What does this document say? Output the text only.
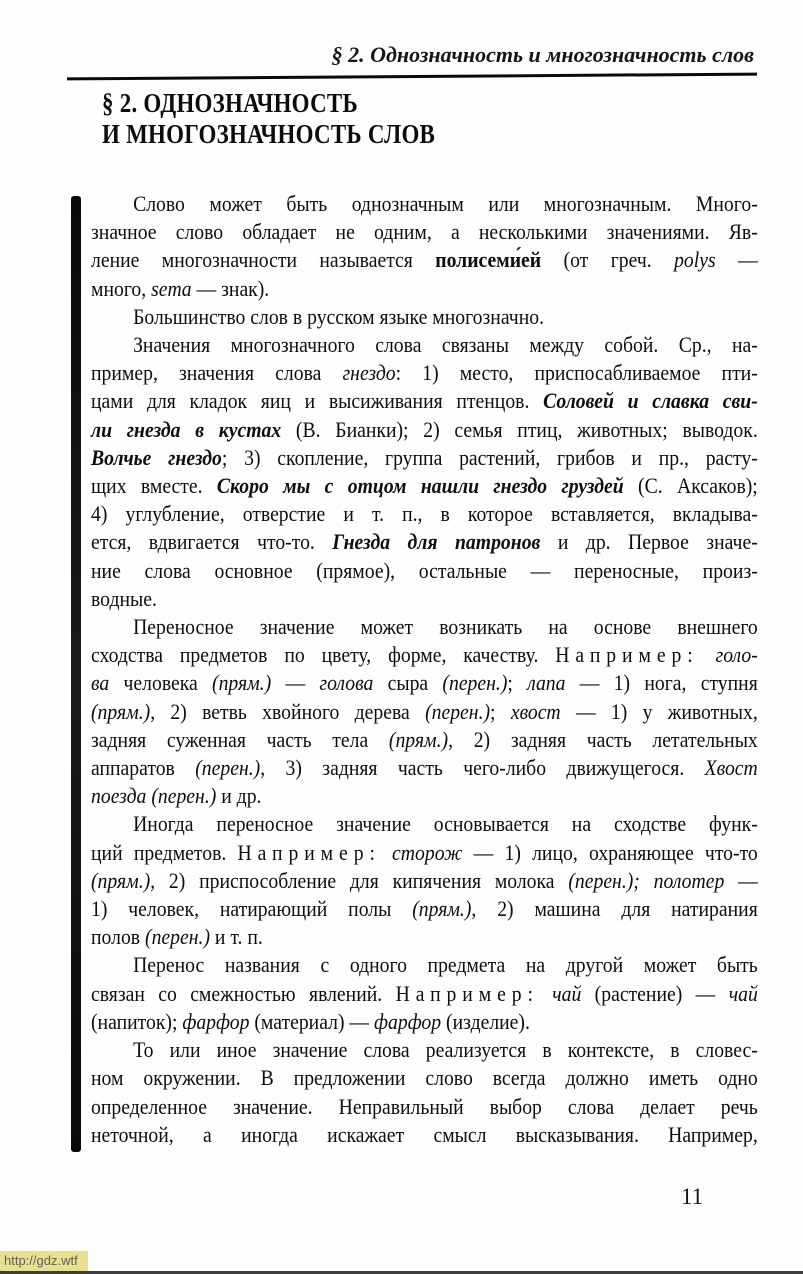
§ 2. Однозначность и многозначность слов
§ 2. ОДНОЗНАЧНОСТЬ
И МНОГОЗНАЧНОСТЬ СЛОВ
Слово может быть однозначным или многозначным. Много-
значное слово обладает не одним, а несколькими значениями. Яв-
ление многозначности называется полисеми́ей (от греч. polys —
много, sema — знак).
Большинство слов в русском языке многозначно.
Значения многозначного слова связаны между собой. Ср., на-
пример, значения слова гнездо: 1) место, приспосабливаемое пти-
цами для кладок яиц и высиживания птенцов. Соловей и славка сви-
ли гнезда в кустах (В. Бианки); 2) семья птиц, животных; выводок.
Волчье гнездо; 3) скопление, группа растений, грибов и пр., расту-
щих вместе. Скоро мы с отцом нашли гнездо груздей (С. Аксаков);
4) углубление, отверстие и т. п., в которое вставляется, вкладыва-
ется, вдвигается что-то. Гнезда для патронов и др. Первое значе-
ние слова основное (прямое), остальные — переносные, произ-
водные.
Переносное значение может возникать на основе внешнего
сходства предметов по цвету, форме, качеству. Например: голо-
ва человека (прям.) — голова сыра (перен.); лапа — 1) нога, ступня
(прям.), 2) ветвь хвойного дерева (перен.); хвост — 1) у животных,
задняя суженная часть тела (прям.), 2) задняя часть летательных
аппаратов (перен.), 3) задняя часть чего-либо движущегося. Хвост
поезда (перен.) и др.
Иногда переносное значение основывается на сходстве функ-
ций предметов. Например: сторож — 1) лицо, охраняющее что-то
(прям.), 2) приспособление для кипячения молока (перен.); полотер —
1) человек, натирающий полы (прям.), 2) машина для натирания
полов (перен.) и т. п.
Перенос названия с одного предмета на другой может быть
связан со смежностью явлений. Например: чай (растение) — чай
(напиток); фарфор (материал) — фарфор (изделие).
То или иное значение слова реализуется в контексте, в словес-
ном окружении. В предложении слово всегда должно иметь одно
определенное значение. Неправильный выбор слова делает речь
неточной, а иногда искажает смысл высказывания. Например,
11
http://gdz.wtf
